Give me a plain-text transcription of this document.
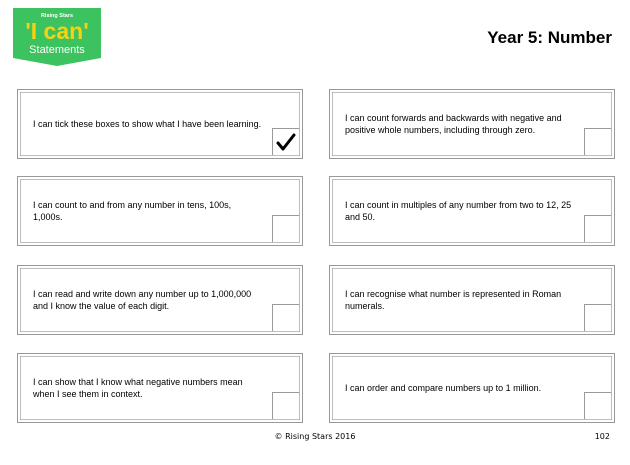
Rising Stars
'I can'
Statements
Year 5: Number
I can tick these boxes to show what I have been learning.
I can count forwards and backwards with negative and positive whole numbers, including through zero.
I can count to and from any number in tens, 100s, 1,000s.
I can count in multiples of any number from two to 12, 25 and 50.
I can read and write down any number up to 1,000,000 and I know the value of each digit.
I can recognise what number is represented in Roman numerals.
I can show that I know what negative numbers mean when I see them in context.
I can order and compare numbers up to 1 million.
© Rising Stars 2016	102
